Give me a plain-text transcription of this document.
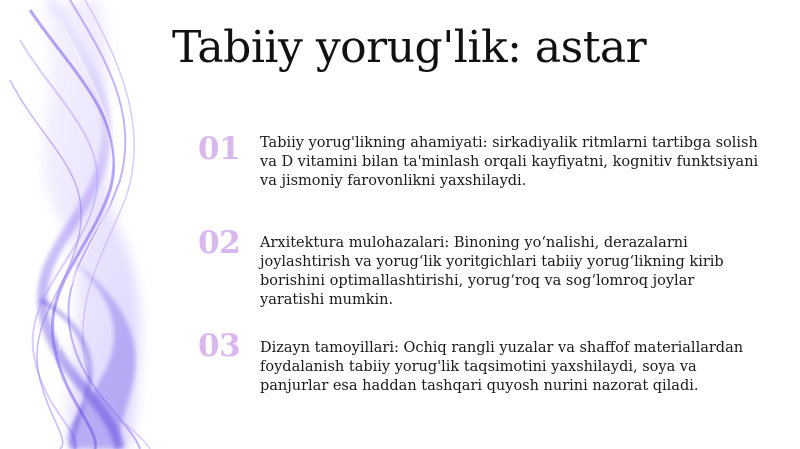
Tabiiy yorug'lik: astar
01	Tabiiy yorug'likning ahamiyati: sirkadiyalik ritmlarni tartibga solish va D vitamini bilan ta'minlash orqali kayfiyatni, kognitiv funktsiyani va jismoniy farovonlikni yaxshilaydi.
02	Arxitektura mulohazalari: Binoning yo‘nalishi, derazalarni joylashtirish va yorug‘lik yoritgichlari tabiiy yorug‘likning kirib borishini optimallashtirishi, yorug‘roq va sog‘lomroq joylar yaratishi mumkin.
03	Dizayn tamoyillari: Ochiq rangli yuzalar va shaffof materiallardan foydalanish tabiiy yorug'lik taqsimotini yaxshilaydi, soya va panjurlar esa haddan tashqari quyosh nurini nazorat qiladi.
